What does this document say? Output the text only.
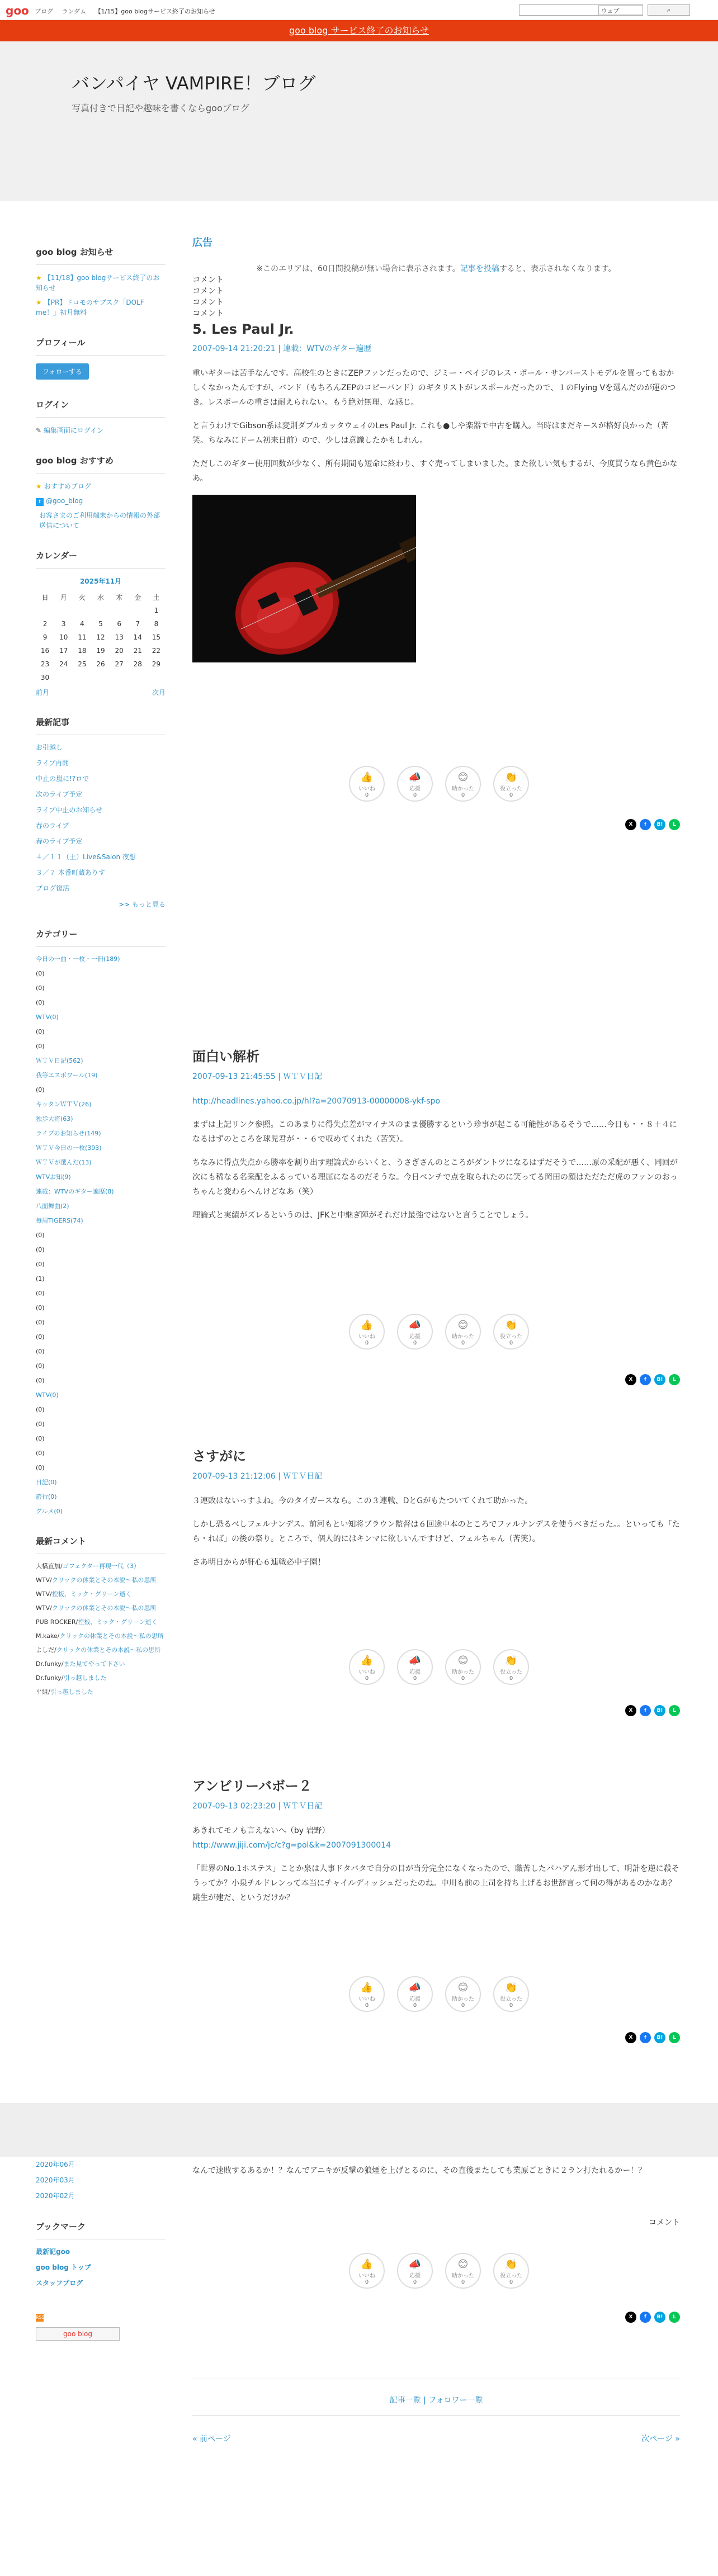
goo ブログ ランダム 【1/15】goo blogサービス終了のお知らせ	ウェブ	⌕
goo blog サービス終了のお知らせ
バンパイヤ VAMPIRE！ブログ
写真付きで日記や趣味を書くならgooブログ
goo blog お知らせ
★ 【11/18】goo blogサービス終了のお知らせ
★ 【PR】ドコモのサブスク「DOLF me！」初月無料
プロフィール
フォローする
ログイン
✎ 編集画面にログイン
goo blog おすすめ
★ おすすめブログ
t @goo_blog
お客さまのご利用端末からの情報の外部送信について
カレンダー
2025年11月
日	月	火	水	木	金	土
						1
2	3	4	5	6	7	8
9	10	11	12	13	14	15
16	17	18	19	20	21	22
23	24	25	26	27	28	29
30						
前月	次月
最新記事
お引越し
ライブ再開
中止の嵐に!?ロで
次のライブ予定
ライブ中止のお知らせ
春のライブ
春のライブ予定
４／１１（土）Live&Salon 夜想
３／７ 本番町蔵ありす
ブログ復活
>> もっと見る
カテゴリー
今日の一曲・一枚・一冊(189)
(0)
(0)
(0)
WTV(0)
(0)
(0)
ＷＴＶ日記(562)
我等エスポワール(19)
(0)
キッタンＷＴＶ(26)
独歩大将(63)
ライブのお知らせ(149)
ＷＴＶ今日の一枚(393)
ＷＴＶが選んだ(13)
WTVお知(9)
連載：WTVのギター遍歴(8)
八面舞曲(2)
毎周TIGERS(74)
(0)
(0)
(0)
(1)
(0)
(0)
(0)
(0)
(0)
(0)
(0)
WTV(0)
(0)
(0)
(0)
(0)
(0)
日記(0)
旅行(0)
グルメ(0)
最新コメント
大橋直加/ゴフェクター再現一代（3）
WTV/クリックの休業とその本説～私の思所
WTV/控板、ミック・グリーン逝く
WTV/クリックの休業とその本説～私の思所
PUB ROCKER/控板、ミック・グリーン逝く
M.kake/クリックの休業とその本説～私の思所
よしだ/クリックの休業とその本説～私の思所
Dr.funky/また見てやって下さい
Dr.funky/引っ越しました
平組/引っ越しました
広告
※このエリアは、60日間投稿が無い場合に表示されます。記事を投稿すると、表示されなくなります。
5. Les Paul Jr.
2007-09-14 21:20:21 | 連載：WTVのギター遍歴

重いギターは苦手なんです。高校生のときにZEPファンだったので、ジミー・ペイジのレス・ポール・サンバーストモデルを買ってもおかしくなかったんですが、バンド（もちろんZEPのコピーバンド）のギタリストがレスポールだったので、１のFlying Vを選んだのが運のつき。レスポールの重さは耐えられない。もう絶対無理、な感じ。

と言うわけでGibson系は変則ダブルカッタウェイのLes Paul Jr. これも●しや楽器で中古を購入。当時はまだキースが格好良かった（苦笑。ちなみにドーム初来日前）ので、少しは意識したかもしれん。

ただしこのギター使用回数が少なく、所有期間も短命に終わり、すぐ売ってしまいました。また欲しい気もするが、今度買うなら黄色かなあ。

コメント
👍
いいね
0
📣
応援
0
😊
助かった
0
👏
役立った
0
X	f	B!	L
面白い解析
2007-09-13 21:45:55 | ＷＴＶ日記

http://headlines.yahoo.co.jp/hl?a=20070913-00000008-ykf-spo

まずは上記リンク参照。このあまりに得失点差がマイナスのまま優勝するという珍事が起こる可能性があるそうで……今日も・・８＋４になるはずのところを球児君が・・６で収めてくれた（苦笑）。

ちなみに得点失点から勝率を割り出す理論式からいくと、うさぎさんのところがダントツになるはずだそうで……原の采配が悪く、同回が次にも稀なる名采配をふるっている理屈になるのだそうな。今日ベンチで点を取られたのに笑ってる岡田の顔はただただ虎のファンのおっちゃんと変わらへんけどなあ（笑）

理論式と実績がズレるというのは、JFKと中継ぎ陣がそれだけ最強ではないと言うことでしょう。

コメント
👍
いいね
0
📣
応援
0
😊
助かった
0
👏
役立った
0
X	f	B!	L
さすがに
2007-09-13 21:12:06 | ＷＴＶ日記

３連敗はないっすよね。今のタイガースなら。この３連戦、DとGがもたついてくれて助かった。

しかし恐るべしフェルナンデス。前河もとい知将ブラウン監督は６回途中本のところでファルナンデスを使うべきだった。。といっても「たら・れば」の後の祭り。ところで、個人的にはキンマに欲しいんですけど、フェルちゃん（苦笑）。

さあ明日からが肝心６連戦必中子園！

コメント
👍
いいね
0
📣
応援
0
😊
助かった
0
👏
役立った
0
X	f	B!	L
アンビリーバボー２
2007-09-13 02:23:20 | ＷＴＶ日記

あきれてモノも言えないへ（by 岩野）

http://www.jiji.com/jc/c?g=pol&k=2007091300014

「世界のNo.1ホステス」ことか泉は人事ドタバタで自分の目が当分完全になくなったので、職苦したバハアん形才出して、明計を逆に殺そうってか？小泉チルドレンって本当にチャイルディッシュだったのね。中川も前の上司を持ち上げるお世辞言って何の得があるのかなあ？跳生が建だ、というだけか？

コメント
👍
いいね
0
📣
応援
0
😊
助かった
0
👏
役立った
0
X	f	B!	L
2020年06月
2020年03月
2020年02月
ブックマーク
最新記goo
goo blog トップ
スタッフブログ
RSS
goo blog

なんで速敗するあるか！？なんでアニキが反撃の狼煙を上げとるのに、その直後またしても業原ごときに２ラン打たれるかー！？

コメント
👍
いいね
0
📣
応援
0
😊
助かった
0
👏
役立った
0
X	f	B!	L
記事一覧 | フォロワー一覧
« 前ページ	次ページ »
